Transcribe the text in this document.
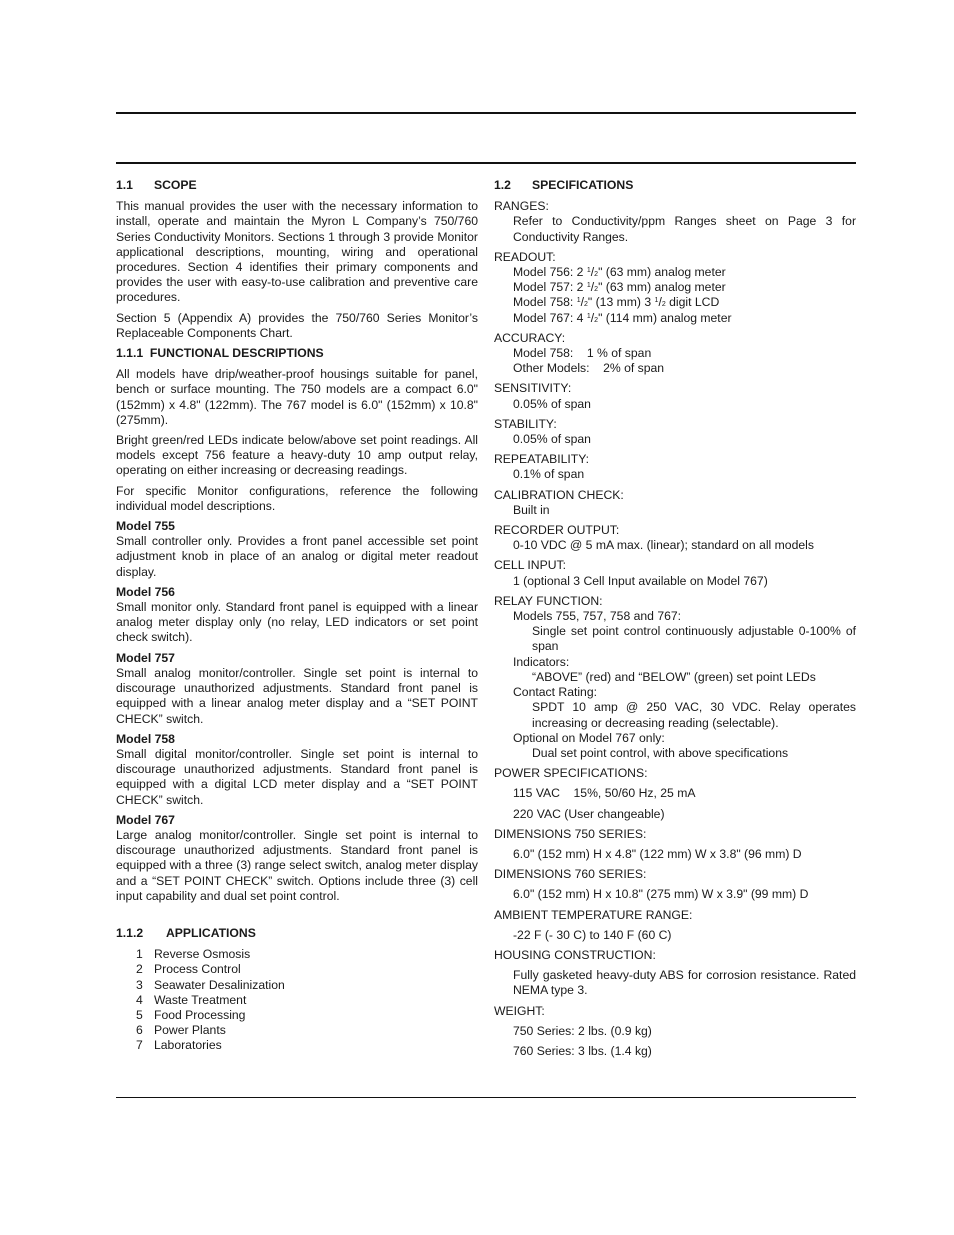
1.1 SCOPE

This manual provides the user with the necessary information to install, operate and maintain the Myron L Company’s 750/760 Series Conductivity Monitors. Sections 1 through 3 provide Monitor applicational descriptions, mounting, wiring and operational procedures. Section 4 identifies their primary components and provides the user with easy-to-use calibration and preventive care procedures.

Section 5 (Appendix A) provides the 750/760 Series Monitor’s Replaceable Components Chart.

1.1.1 FUNCTIONAL DESCRIPTIONS

All models have drip/weather-proof housings suitable for panel, bench or surface mounting. The 750 models are a compact 6.0" (152mm) x 4.8" (122mm). The 767 model is 6.0" (152mm) x 10.8" (275mm).

Bright green/red LEDs indicate below/above set point readings. All models except 756 feature a heavy-duty 10 amp output relay, operating on either increasing or decreasing readings.

For specific Monitor configurations, reference the following individual model descriptions.

Model 755
Small controller only. Provides a front panel accessible set point adjustment knob in place of an analog or digital meter readout display.
Model 756
Small monitor only. Standard front panel is equipped with a linear analog meter display only (no relay, LED indicators or set point check switch).
Model 757
Small analog monitor/controller. Single set point is internal to discourage unauthorized adjustments. Standard front panel is equipped with a linear analog meter display and a “SET POINT CHECK” switch.
Model 758
Small digital monitor/controller. Single set point is internal to discourage unauthorized adjustments. Standard front panel is equipped with a digital LCD meter display and a “SET POINT CHECK” switch.
Model 767
Large analog monitor/controller. Single set point is internal to discourage unauthorized adjustments. Standard front panel is equipped with a three (3) range select switch, analog meter display and a “SET POINT CHECK” switch. Options include three (3) cell input capability and dual set point control.
1.1.2 APPLICATIONS
1 Reverse Osmosis
2 Process Control
3 Seawater Desalinization
4 Waste Treatment
5 Food Processing
6 Power Plants
7 Laboratories
1.2 SPECIFICATIONS
RANGES:
Refer to Conductivity/ppm Ranges sheet on Page 3 for Conductivity Ranges.
READOUT:
Model 756: 2 $^1$/2" (63 mm) analog meter
Model 757: 2 $^1$/2" (63 mm) analog meter
Model 758: $^1$/2" (13 mm) 3 $^1$/2 digit LCD
Model 767: 4 $^1$/2" (114 mm) analog meter
ACCURACY:
Model 758: 1 % of span
Other Models: 2% of span
SENSITIVITY:
0.05% of span
STABILITY:
0.05% of span
REPEATABILITY:
0.1% of span
CALIBRATION CHECK:
Built in
RECORDER OUTPUT:
0-10 VDC @ 5 mA max. (linear); standard on all models
CELL INPUT:
1 (optional 3 Cell Input available on Model 767)
RELAY FUNCTION:
Models 755, 757, 758 and 767:
Single set point control continuously adjustable 0-100% of span
Indicators:
“ABOVE” (red) and “BELOW” (green) set point LEDs
Contact Rating:
SPDT 10 amp @ 250 VAC, 30 VDC. Relay operates increasing or decreasing reading (selectable).
Optional on Model 767 only:
Dual set point control, with above specifications
POWER SPECIFICATIONS:
115 VAC 15%, 50/60 Hz, 25 mA
220 VAC (User changeable)
DIMENSIONS 750 SERIES:
6.0" (152 mm) H x 4.8" (122 mm) W x 3.8" (96 mm) D
DIMENSIONS 760 SERIES:
6.0" (152 mm) H x 10.8" (275 mm) W x 3.9" (99 mm) D
AMBIENT TEMPERATURE RANGE:
-22 F (- 30 C) to 140 F (60 C)
HOUSING CONSTRUCTION:
Fully gasketed heavy-duty ABS for corrosion resistance. Rated NEMA type 3.
WEIGHT:
750 Series: 2 lbs. (0.9 kg)
760 Series: 3 lbs. (1.4 kg)
